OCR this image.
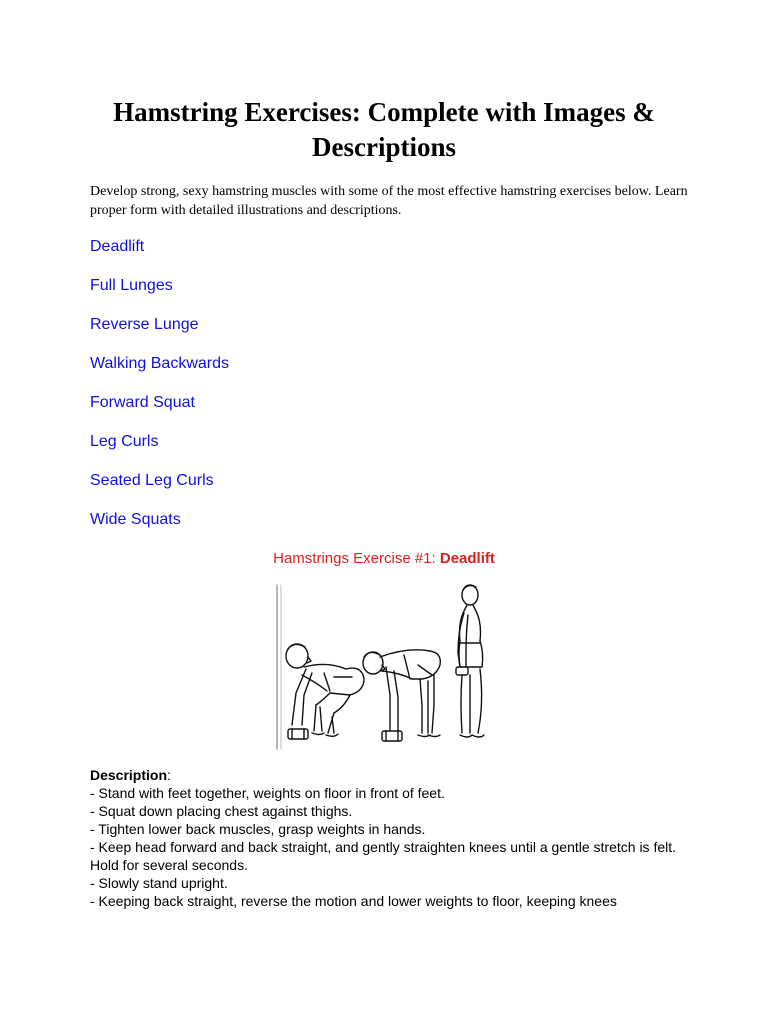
Hamstring Exercises: Complete with Images & Descriptions

Develop strong, sexy hamstring muscles with some of the most effective hamstring exercises below. Learn proper form with detailed illustrations and descriptions.

Deadlift
Full Lunges
Reverse Lunge
Walking Backwards
Forward Squat
Leg Curls
Seated Leg Curls
Wide Squats

Hamstrings Exercise #1: Deadlift

Description:
- Stand with feet together, weights on floor in front of feet.
- Squat down placing chest against thighs.
- Tighten lower back muscles, grasp weights in hands.
- Keep head forward and back straight, and gently straighten knees until a gentle stretch is felt. Hold for several seconds.
- Slowly stand upright.
- Keeping back straight, reverse the motion and lower weights to floor, keeping knees
